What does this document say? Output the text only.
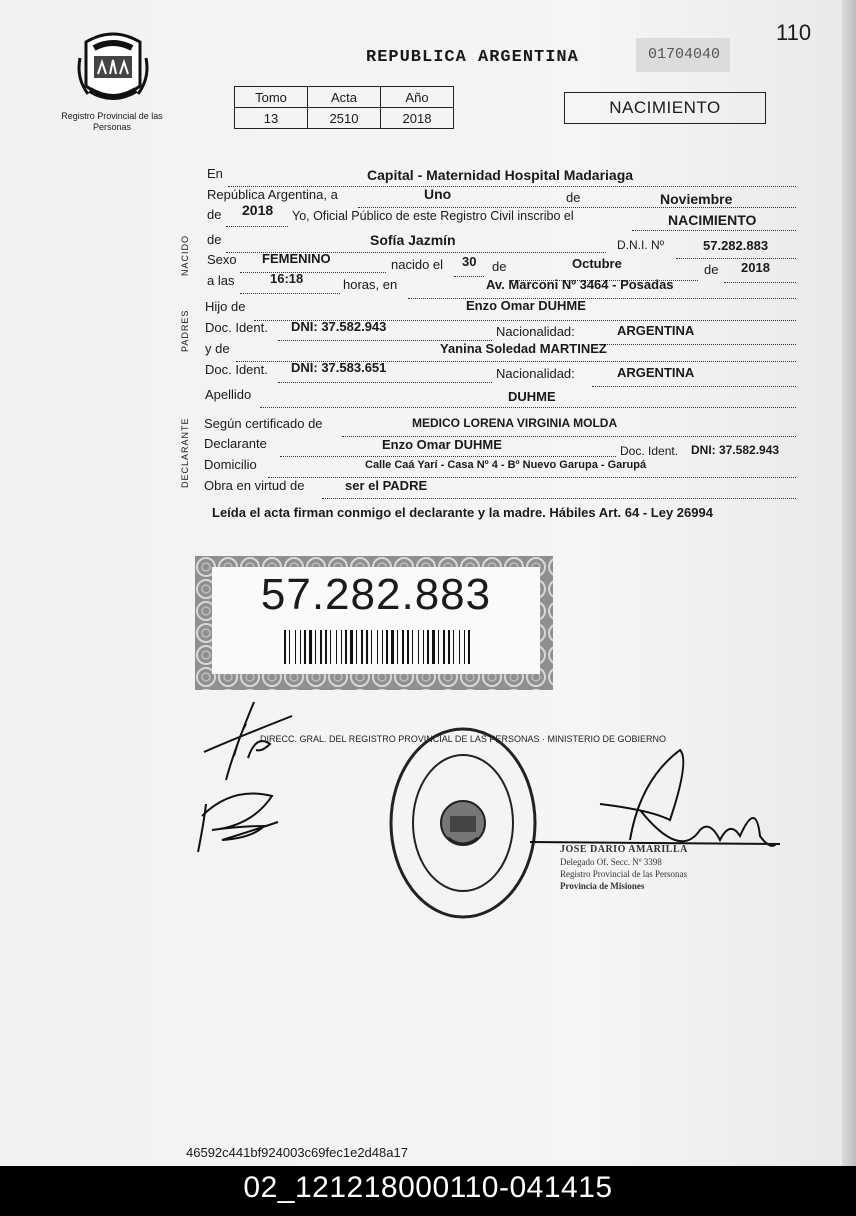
110
Registro Provincial de las Personas
REPUBLICA ARGENTINA	01704040
Tomo	Acta	Año
13	2510	2018
NACIMIENTO
NACIDO
PADRES
DECLARANTE
En	Capital - Maternidad Hospital Madariaga
República Argentina, a	Uno	de	Noviembre
de 2018 Yo, Oficial Público de este Registro Civil inscribo el	NACIMIENTO
de	Sofía Jazmín	D.N.I. Nº	57.282.883
Sexo FEMENINO	nacido el 30 de	Octubre	de 2018
a las	16:18	horas, en	Av. Marconi Nº 3464 - Posadas
Hijo de	Enzo Omar DUHME
Doc. Ident. DNI: 37.582.943	Nacionalidad:	ARGENTINA
y de	Yanina Soledad MARTINEZ
Doc. Ident. DNI: 37.583.651	Nacionalidad:	ARGENTINA
Apellido	DUHME
Según certificado de	MEDICO LORENA VIRGINIA MOLDA
Declarante	Enzo Omar DUHME	Doc. Ident. DNI: 37.582.943
Domicilio	Calle Caá Yarí - Casa Nº 4 - Bº Nuevo Garupa - Garupá
Obra en virtud de	ser el PADRE
Leída el acta firman conmigo el declarante y la madre. Hábiles Art. 64 - Ley 26994
57.282.883
DIRECC. GRAL. DEL REGISTRO PROVINCIAL DE LAS PERSONAS · MINISTERIO DE GOBIERNO
JOSE DARIO AMARILLA
Delegado Of. Secc. Nº 3398
Registro Provincial de las Personas
Provincia de Misiones
46592c441bf924003c69fec1e2d48a17
02_121218000110-041415
